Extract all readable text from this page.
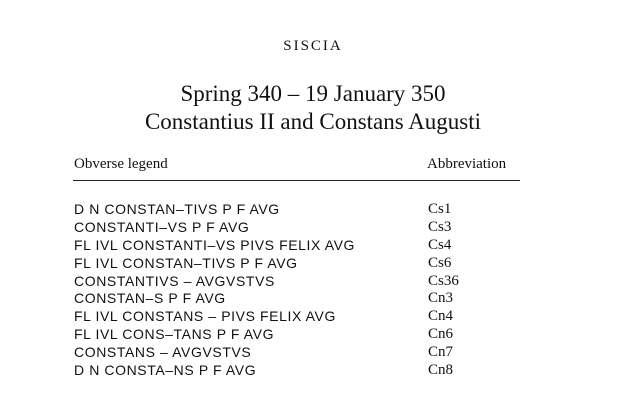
SISCIA
Spring 340 – 19 January 350
Constantius II and Constans Augusti
Obverse legend	Abbreviation
D N CONSTAN–TIVS P F AVG	Cs1
CONSTANTI–VS P F AVG	Cs3
FL IVL CONSTANTI–VS PIVS FELIX AVG	Cs4
FL IVL CONSTAN–TIVS P F AVG	Cs6
CONSTANTIVS – AVGVSTVS	Cs36
CONSTAN–S P F AVG	Cn3
FL IVL CONSTANS – PIVS FELIX AVG	Cn4
FL IVL CONS–TANS P F AVG	Cn6
CONSTANS – AVGVSTVS	Cn7
D N CONSTA–NS P F AVG	Cn8
